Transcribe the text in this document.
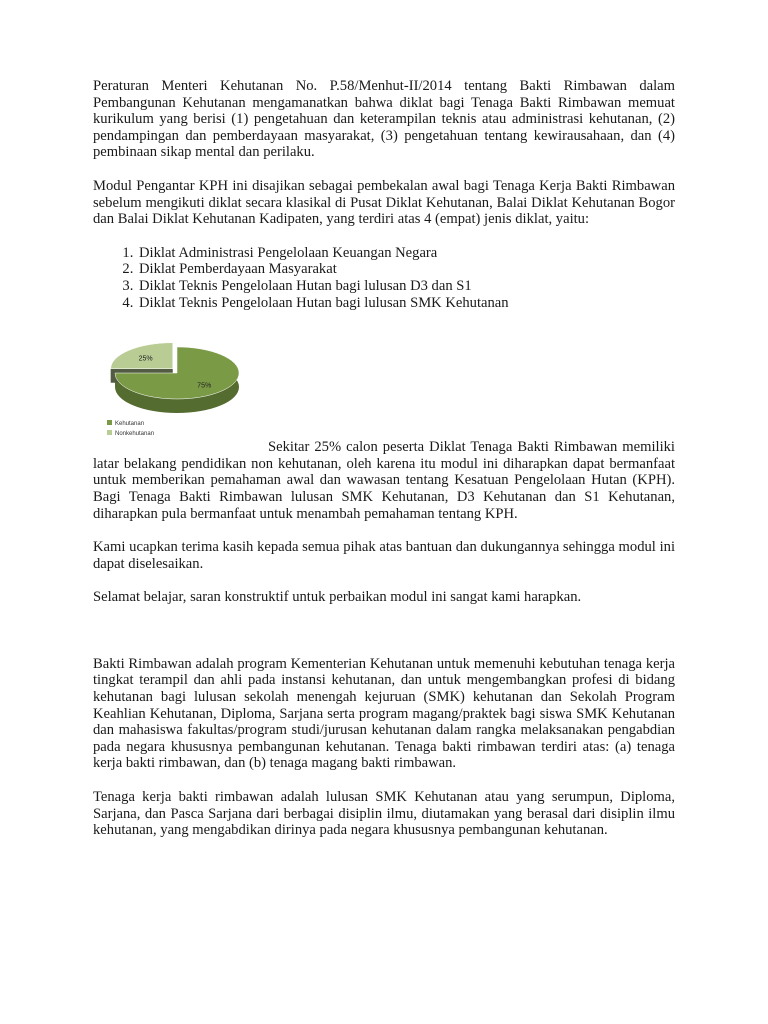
Peraturan Menteri Kehutanan No. P.58/Menhut-II/2014 tentang Bakti Rimbawan dalam Pembangunan Kehutanan mengamanatkan bahwa diklat bagi Tenaga Bakti Rimbawan memuat kurikulum yang berisi (1) pengetahuan dan keterampilan teknis atau administrasi kehutanan, (2) pendampingan dan pemberdayaan masyarakat, (3) pengetahuan tentang kewirausahaan, dan (4) pembinaan sikap mental dan perilaku.

Modul Pengantar KPH ini disajikan sebagai pembekalan awal bagi Tenaga Kerja Bakti Rimbawan sebelum mengikuti diklat secara klasikal di Pusat Diklat Kehutanan, Balai Diklat Kehutanan Bogor dan Balai Diklat Kehutanan Kadipaten, yang terdiri atas 4 (empat) jenis diklat, yaitu:

1. Diklat Administrasi Pengelolaan Keuangan Negara
2. Diklat Pemberdayaan Masyarakat
3. Diklat Teknis Pengelolaan Hutan bagi lulusan D3 dan S1
4. Diklat Teknis Pengelolaan Hutan bagi lulusan SMK Kehutanan
75%
25%
Kehutanan
Nonkehutanan

Sekitar 25% calon peserta Diklat Tenaga Bakti Rimbawan memiliki latar belakang pendidikan non kehutanan, oleh karena itu modul ini diharapkan dapat bermanfaat untuk memberikan pemahaman awal dan wawasan tentang Kesatuan Pengelolaan Hutan (KPH). Bagi Tenaga Bakti Rimbawan lulusan SMK Kehutanan, D3 Kehutanan dan S1 Kehutanan, diharapkan pula bermanfaat untuk menambah pemahaman tentang KPH.

Kami ucapkan terima kasih kepada semua pihak atas bantuan dan dukungannya sehingga modul ini dapat diselesaikan.

Selamat belajar, saran konstruktif untuk perbaikan modul ini sangat kami harapkan.

Bakti Rimbawan adalah program Kementerian Kehutanan untuk memenuhi kebutuhan tenaga kerja tingkat terampil dan ahli pada instansi kehutanan, dan untuk mengembangkan profesi di bidang kehutanan bagi lulusan sekolah menengah kejuruan (SMK) kehutanan dan Sekolah Program Keahlian Kehutanan, Diploma, Sarjana serta program magang/praktek bagi siswa SMK Kehutanan dan mahasiswa fakultas/program studi/jurusan kehutanan dalam rangka melaksanakan pengabdian pada negara khususnya pembangunan kehutanan. Tenaga bakti rimbawan terdiri atas: (a) tenaga kerja bakti rimbawan, dan (b) tenaga magang bakti rimbawan.

Tenaga kerja bakti rimbawan adalah lulusan SMK Kehutanan atau yang serumpun, Diploma, Sarjana, dan Pasca Sarjana dari berbagai disiplin ilmu, diutamakan yang berasal dari disiplin ilmu kehutanan, yang mengabdikan dirinya pada negara khususnya pembangunan kehutanan.
